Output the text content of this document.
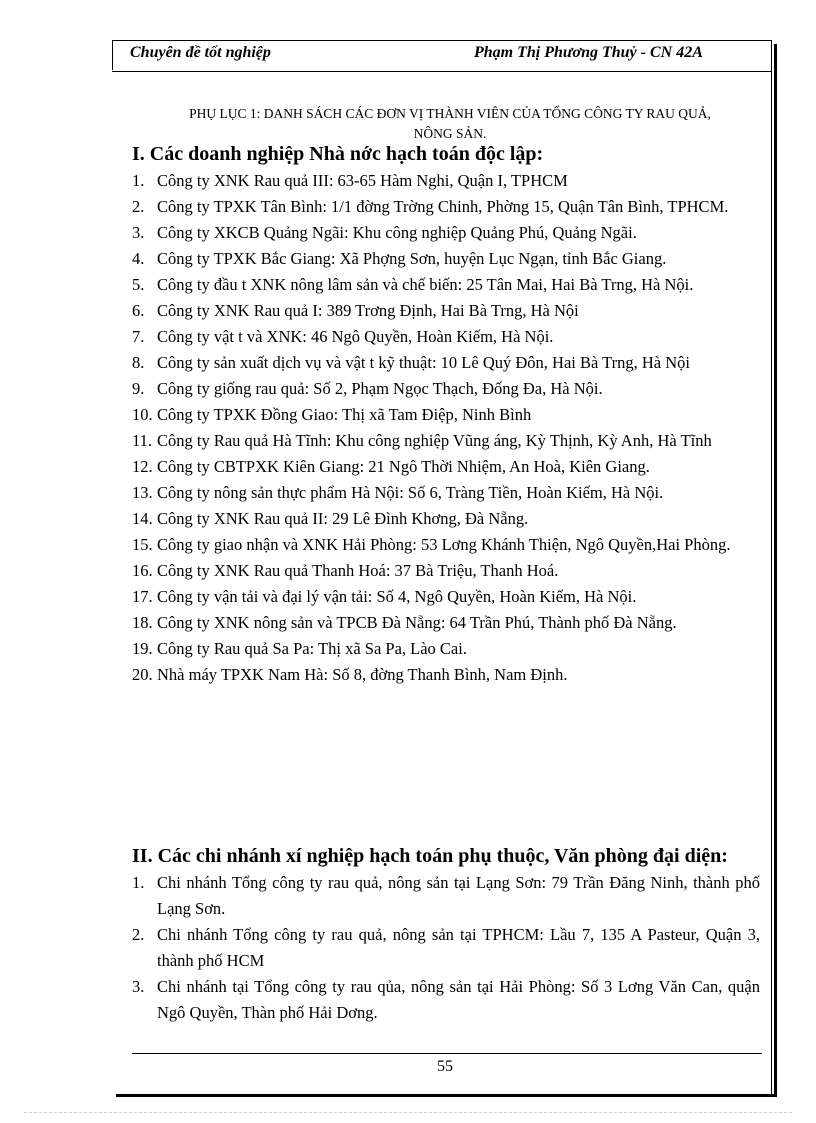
Chuyên đề tốt nghiệp	Phạm Thị Phương Thuỷ - CN 42A
PHỤ LỤC 1: DANH SÁCH CÁC ĐƠN VỊ THÀNH VIÊN CỦA TỔNG CÔNG TY RAU QUẢ,
NÔNG SẢN.
I. Các doanh nghiệp Nhà nớc hạch toán độc lập:
1. Công ty XNK Rau quả III: 63-65 Hàm Nghi, Quận I, TPHCM
2. Công ty TPXK Tân Bình: 1/1 đờng Trờng Chinh, Phờng 15, Quận Tân Bình, TPHCM.
3. Công ty XKCB Quảng Ngãi: Khu công nghiệp Quảng Phú, Quảng Ngãi.
4. Công ty TPXK Bắc Giang: Xã Phợng Sơn, huyện Lục Ngạn, tỉnh Bắc Giang.
5. Công ty đầu t XNK nông lâm sản và chế biến: 25 Tân Mai, Hai Bà Trng, Hà Nội.
6. Công ty XNK Rau quả I: 389 Trơng Định, Hai Bà Trng, Hà Nội
7. Công ty vật t và XNK: 46 Ngô Quyền, Hoàn Kiếm, Hà Nội.
8. Công ty sản xuất dịch vụ và vật t kỹ thuật: 10 Lê Quý Đôn, Hai Bà Trng, Hà Nội
9. Công ty giống rau quả: Số 2, Phạm Ngọc Thạch, Đống Đa, Hà Nội.
10. Công ty TPXK Đồng Giao: Thị xã Tam Điệp, Ninh Bình
11. Công ty Rau quả Hà Tĩnh: Khu công nghiệp Vũng áng, Kỳ Thịnh, Kỳ Anh, Hà Tĩnh
12. Công ty CBTPXK Kiên Giang: 21 Ngô Thời Nhiệm, An Hoà, Kiên Giang.
13. Công ty nông sản thực phẩm Hà Nội: Số 6, Tràng Tiền, Hoàn Kiếm, Hà Nội.
14. Công ty XNK Rau quả II: 29 Lê Đình Khơng, Đà Nẵng.
15. Công ty giao nhận và XNK Hải Phòng: 53 Lơng Khánh Thiện, Ngô Quyền,Hai Phòng.
16. Công ty XNK Rau quả Thanh Hoá: 37 Bà Triệu, Thanh Hoá.
17. Công ty vận tải và đại lý vận tải: Số 4, Ngô Quyền, Hoàn Kiếm, Hà Nội.
18. Công ty XNK nông sản và TPCB Đà Nẵng: 64 Trần Phú, Thành phố Đà Nẵng.
19. Công ty Rau quả Sa Pa: Thị xã Sa Pa, Lào Cai.
20. Nhà máy TPXK Nam Hà: Số 8, đờng Thanh Bình, Nam Định.
II. Các chi nhánh xí nghiệp hạch toán phụ thuộc, Văn phòng đại diện:
1. Chi nhánh Tổng công ty rau quả, nông sản tại Lạng Sơn: 79 Trần Đăng Ninh, thành phố Lạng Sơn.
2. Chi nhánh Tổng công ty rau quả, nông sản tại TPHCM: Lầu 7, 135 A Pasteur, Quận 3, thành phố HCM
3. Chi nhánh tại Tổng công ty rau qủa, nông sản tại Hải Phòng: Số 3 Lơng Văn Can, quận Ngô Quyền, Thàn phố Hải Dơng.
55
